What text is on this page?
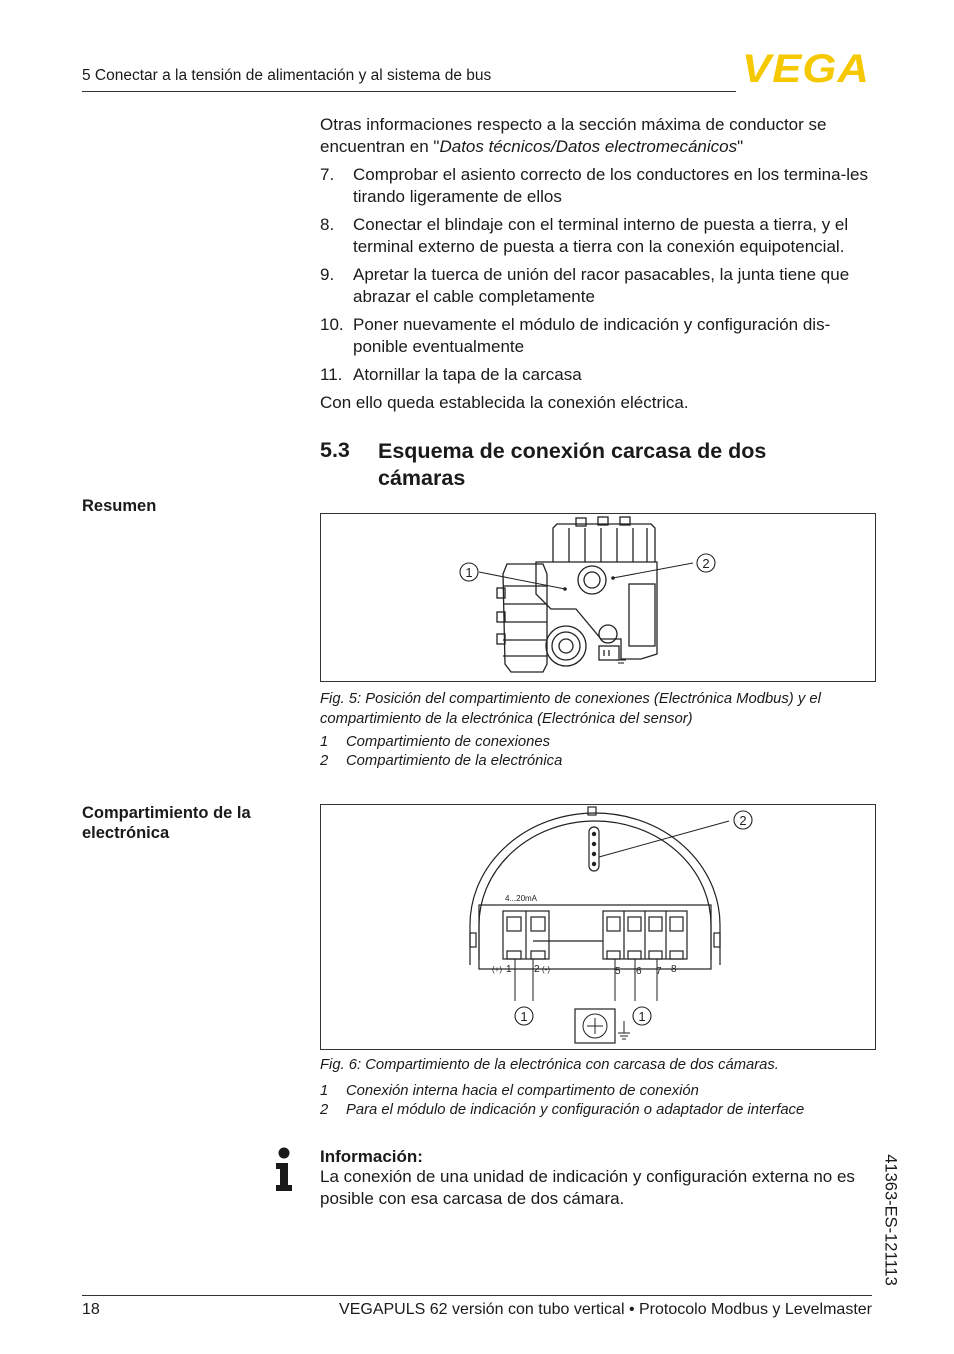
5 Conectar a la tensión de alimentación y al sistema de bus	VEGA
Otras informaciones respecto a la sección máxima de conductor se encuentran en "Datos técnicos/Datos electromecánicos"
7. Comprobar el asiento correcto de los conductores en los termina-les tirando ligeramente de ellos
8. Conectar el blindaje con el terminal interno de puesta a tierra, y el terminal externo de puesta a tierra con la conexión equipotencial.
9. Apretar la tuerca de unión del racor pasacables, la junta tiene que abrazar el cable completamente
10. Poner nuevamente el módulo de indicación y configuración dis-ponible eventualmente
11. Atornillar la tapa de la carcasa
Con ello queda establecida la conexión eléctrica.
5.3 Esquema de conexión carcasa de dos cámaras
Resumen
Compartimiento de la electrónica
1
2
Fig. 5: Posición del compartimiento de conexiones (Electrónica Modbus) y el compartimiento de la electrónica (Electrónica del sensor)
1 Compartimiento de conexiones
2 Compartimiento de la electrónica
4...20mA
(+) 1 2 (-)	5 6 7 8
1	1
2
Fig. 6: Compartimiento de la electrónica con carcasa de dos cámaras.
1 Conexión interna hacia el compartimento de conexión
2 Para el módulo de indicación y configuración o adaptador de interface
Información:
La conexión de una unidad de indicación y configuración externa no es posible con esa carcasa de dos cámara.	41363-ES-121113
18	VEGAPULS 62 versión con tubo vertical • Protocolo Modbus y Levelmaster
